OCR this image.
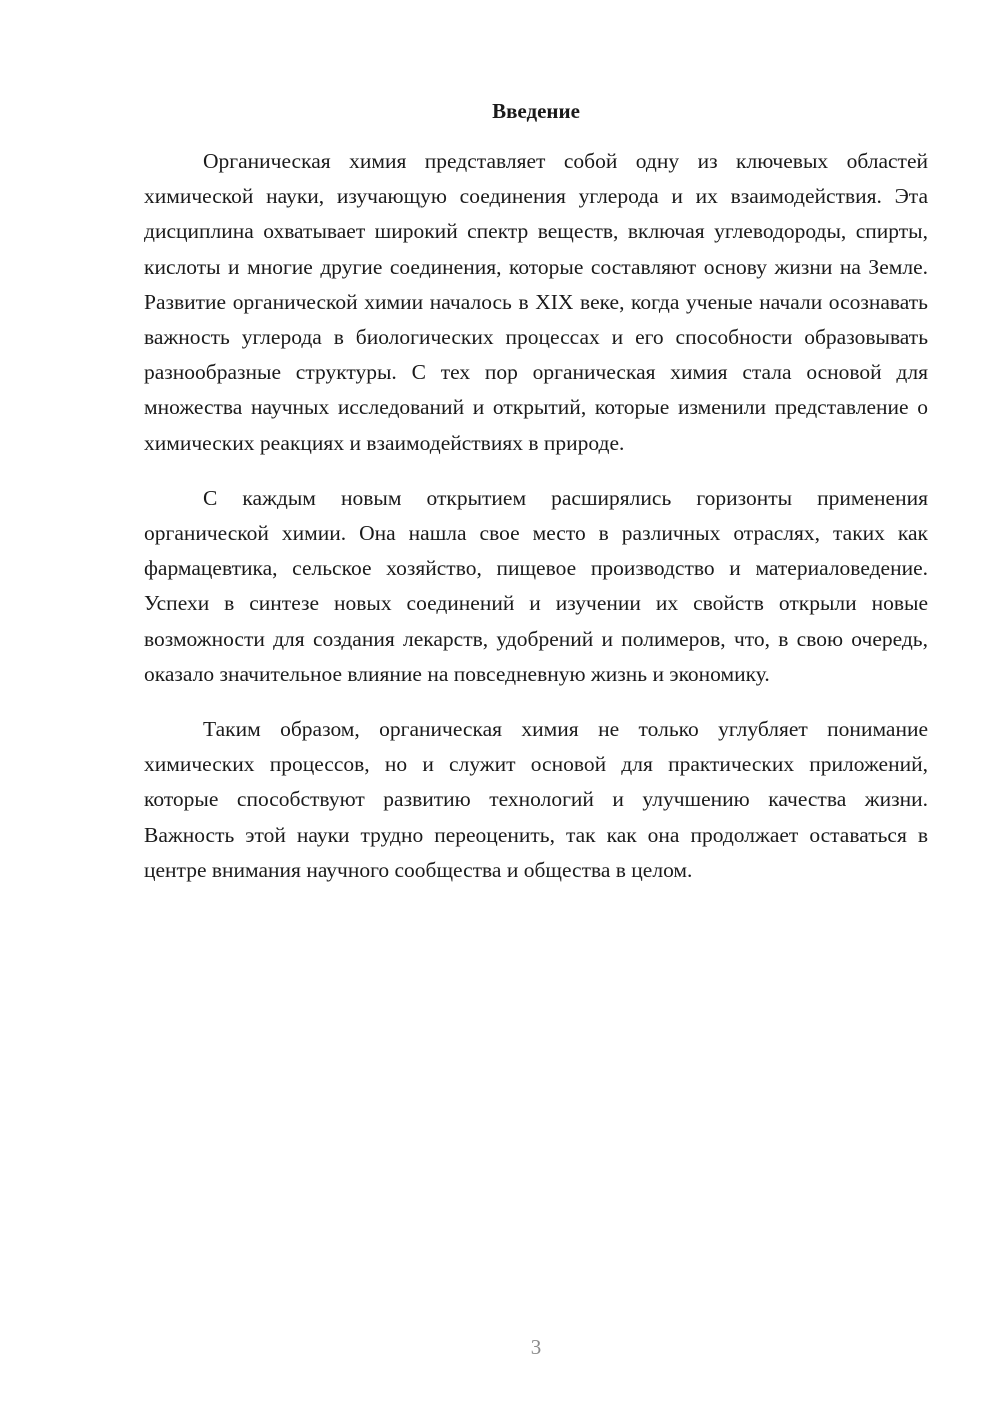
Введение

Органическая химия представляет собой одну из ключевых областей химической науки, изучающую соединения углерода и их взаимодействия. Эта дисциплина охватывает широкий спектр веществ, включая углеводороды, спирты, кислоты и многие другие соединения, которые составляют основу жизни на Земле. Развитие органической химии началось в XIX веке, когда ученые начали осознавать важность углерода в биологических процессах и его способности образовывать разнообразные структуры. С тех пор органическая химия стала основой для множества научных исследований и открытий, которые изменили представление о химических реакциях и взаимодействиях в природе.

С каждым новым открытием расширялись горизонты применения органической химии. Она нашла свое место в различных отраслях, таких как фармацевтика, сельское хозяйство, пищевое производство и материаловедение. Успехи в синтезе новых соединений и изучении их свойств открыли новые возможности для создания лекарств, удобрений и полимеров, что, в свою очередь, оказало значительное влияние на повседневную жизнь и экономику.

Таким образом, органическая химия не только углубляет понимание химических процессов, но и служит основой для практических приложений, которые способствуют развитию технологий и улучшению качества жизни. Важность этой науки трудно переоценить, так как она продолжает оставаться в центре внимания научного сообщества и общества в целом.

3
